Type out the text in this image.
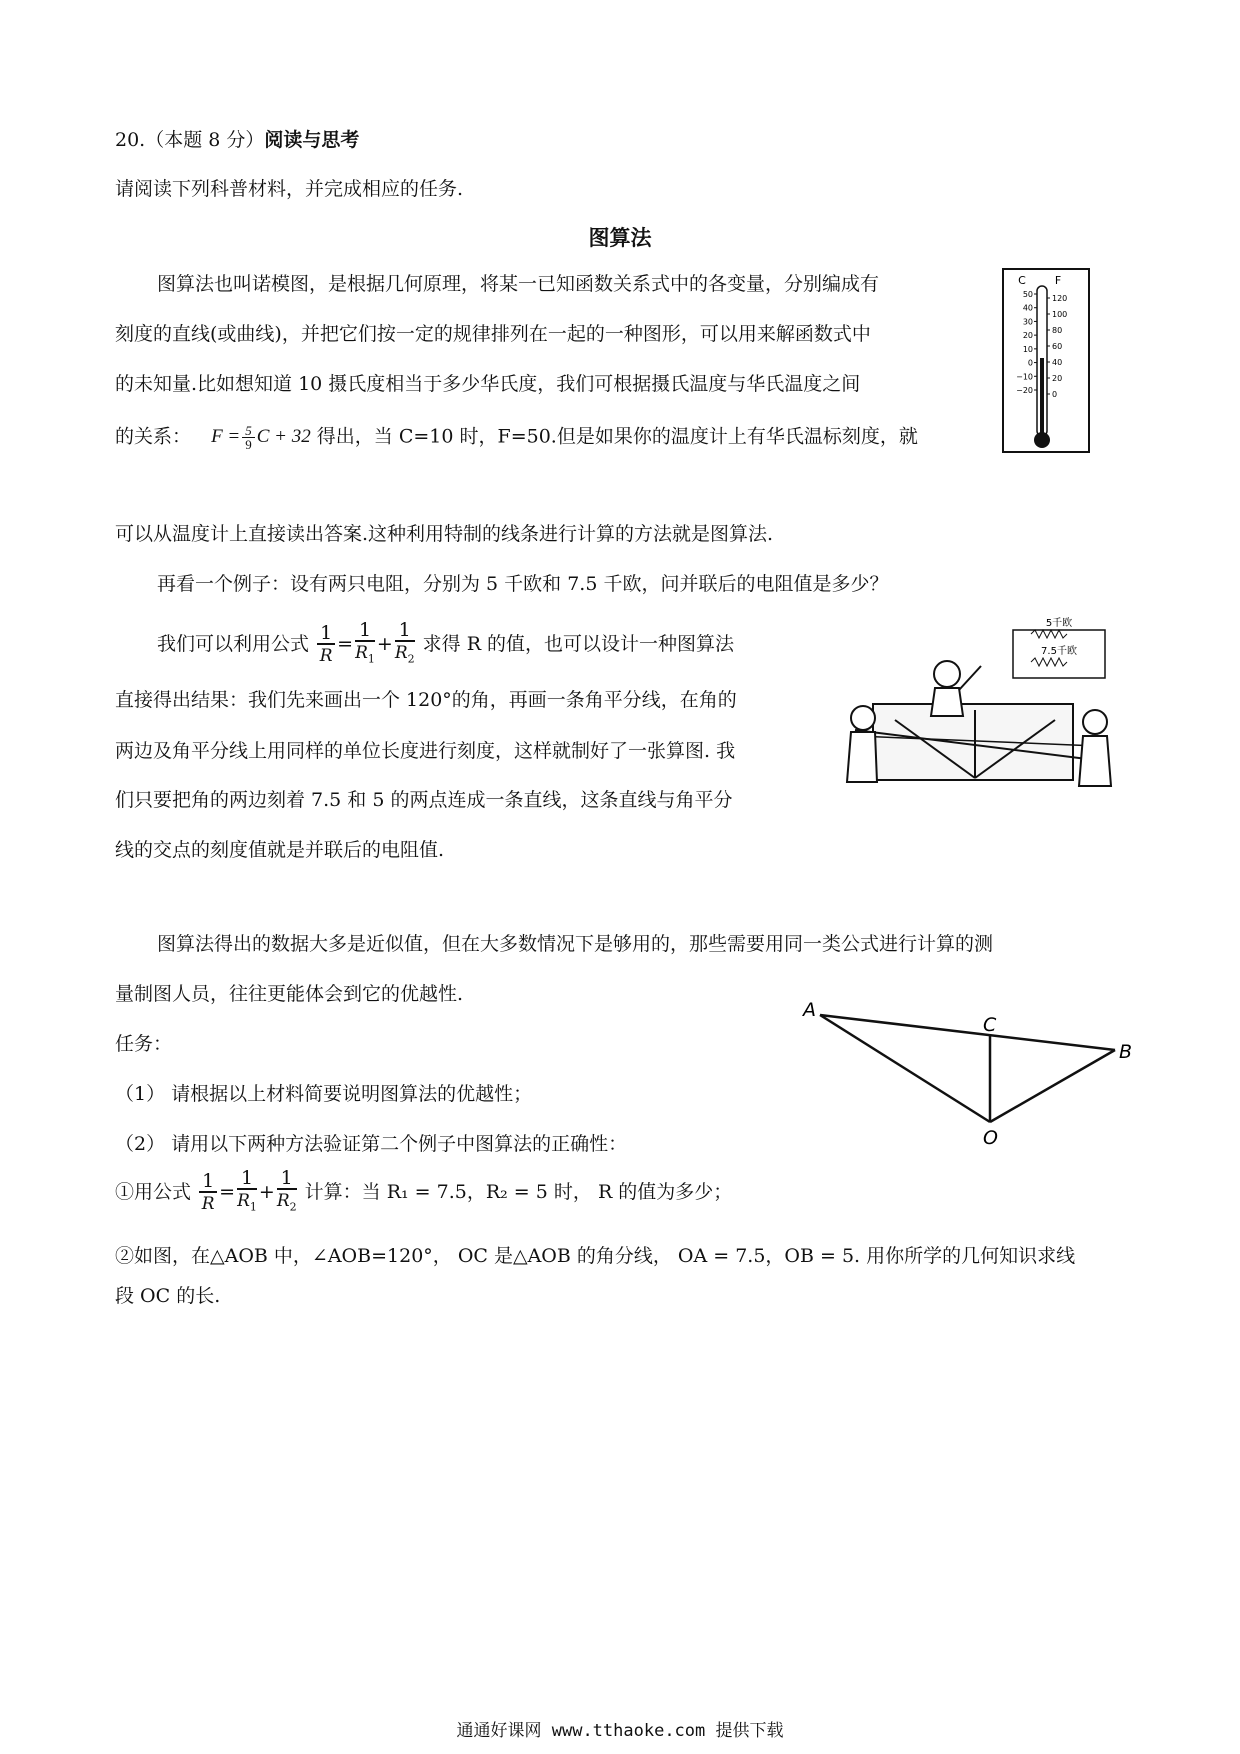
20.（本题 8 分）阅读与思考
请阅读下列科普材料，并完成相应的任务.
图算法
图算法也叫诺模图，是根据几何原理，将某一已知函数关系式中的各变量，分别编成有
刻度的直线(或曲线)，并把它们按一定的规律排列在一起的一种图形，可以用来解函数式中
的未知量.比如想知道 10 摄氏度相当于多少华氏度，我们可根据摄氏温度与华氏温度之间
的关系： $F = \frac{5}{9}$ C + 32 得出，当 C=10 时，F=50.但是如果你的温度计上有华氏温标刻度，就
可以从温度计上直接读出答案.这种利用特制的线条进行计算的方法就是图算法.
C	F
50
40
30
20
10
0
−10
−20
120
100
80
60
40
20
0
再看一个例子：设有两只电阻，分别为 5 千欧和 7.5 千欧，问并联后的电阻值是多少？
我们可以利用公式 $\frac{1}{R} = \frac{1}{R_1} + \frac{1}{R_2}$ 求得 R 的值，也可以设计一种图算法
直接得出结果：我们先来画出一个 120°的角，再画一条角平分线，在角的
两边及角平分线上用同样的单位长度进行刻度，这样就制好了一张算图. 我
们只要把角的两边刻着 7.5 和 5 的两点连成一条直线，这条直线与角平分
线的交点的刻度值就是并联后的电阻值.
5千欧
7.5千欧
图算法得出的数据大多是近似值，但在大多数情况下是够用的，那些需要用同一类公式进行计算的测
量制图人员，往往更能体会到它的优越性.
任务：
（1） 请根据以上材料简要说明图算法的优越性；
（2） 请用以下两种方法验证第二个例子中图算法的正确性：
①用公式 $\frac{1}{R} = \frac{1}{R_1} + \frac{1}{R_2}$ 计算：当 R₁ = 7.5，R₂ = 5 时， R 的值为多少；
②如图，在△AOB 中，∠AOB=120°， OC 是△AOB 的角分线， OA = 7.5，OB = 5. 用你所学的几何知识求线
段 OC 的长.
A
C
B
O
通通好课网 www.tthaoke.com 提供下载
